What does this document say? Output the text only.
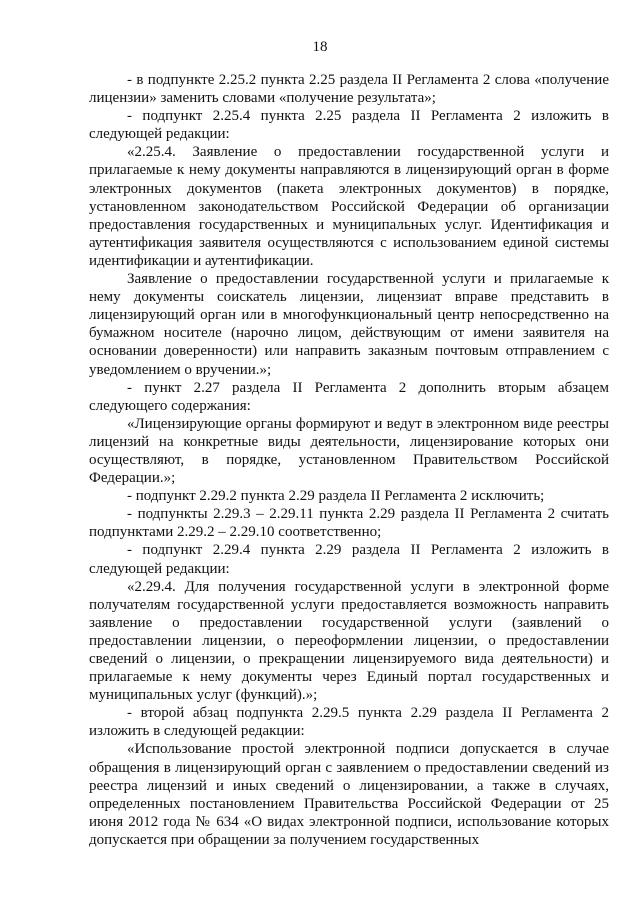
18

- в подпункте 2.25.2 пункта 2.25 раздела II Регламента 2 слова «получение лицензии» заменить словами «получение результата»;

- подпункт 2.25.4 пункта 2.25 раздела II Регламента 2 изложить в следующей редакции:

«2.25.4. Заявление о предоставлении государственной услуги и прилагаемые к нему документы направляются в лицензирующий орган в форме электронных документов (пакета электронных документов) в порядке, установленном законодательством Российской Федерации об организации предоставления государственных и муниципальных услуг. Идентификация и аутентификация заявителя осуществляются с использованием единой системы идентификации и аутентификации.

Заявление о предоставлении государственной услуги и прилагаемые к нему документы соискатель лицензии, лицензиат вправе представить в лицензирующий орган или в многофункциональный центр непосредственно на бумажном носителе (нарочно лицом, действующим от имени заявителя на основании доверенности) или направить заказным почтовым отправлением с уведомлением о вручении.»;

- пункт 2.27 раздела II Регламента 2 дополнить вторым абзацем следующего содержания:

«Лицензирующие органы формируют и ведут в электронном виде реестры лицензий на конкретные виды деятельности, лицензирование которых они осуществляют, в порядке, установленном Правительством Российской Федерации.»;

- подпункт 2.29.2 пункта 2.29 раздела II Регламента 2 исключить;

- подпункты 2.29.3 – 2.29.11 пункта 2.29 раздела II Регламента 2 считать подпунктами 2.29.2 – 2.29.10 соответственно;

- подпункт 2.29.4 пункта 2.29 раздела II Регламента 2 изложить в следующей редакции:

«2.29.4. Для получения государственной услуги в электронной форме получателям государственной услуги предоставляется возможность направить заявление о предоставлении государственной услуги (заявлений о предоставлении лицензии, о переоформлении лицензии, о предоставлении сведений о лицензии, о прекращении лицензируемого вида деятельности) и прилагаемые к нему документы через Единый портал государственных и муниципальных услуг (функций).»;

- второй абзац подпункта 2.29.5 пункта 2.29 раздела II Регламента 2 изложить в следующей редакции:

«Использование простой электронной подписи допускается в случае обращения в лицензирующий орган с заявлением о предоставлении сведений из реестра лицензий и иных сведений о лицензировании, а также в случаях, определенных постановлением Правительства Российской Федерации от 25 июня 2012 года № 634 «О видах электронной подписи, использование которых допускается при обращении за получением государственных
